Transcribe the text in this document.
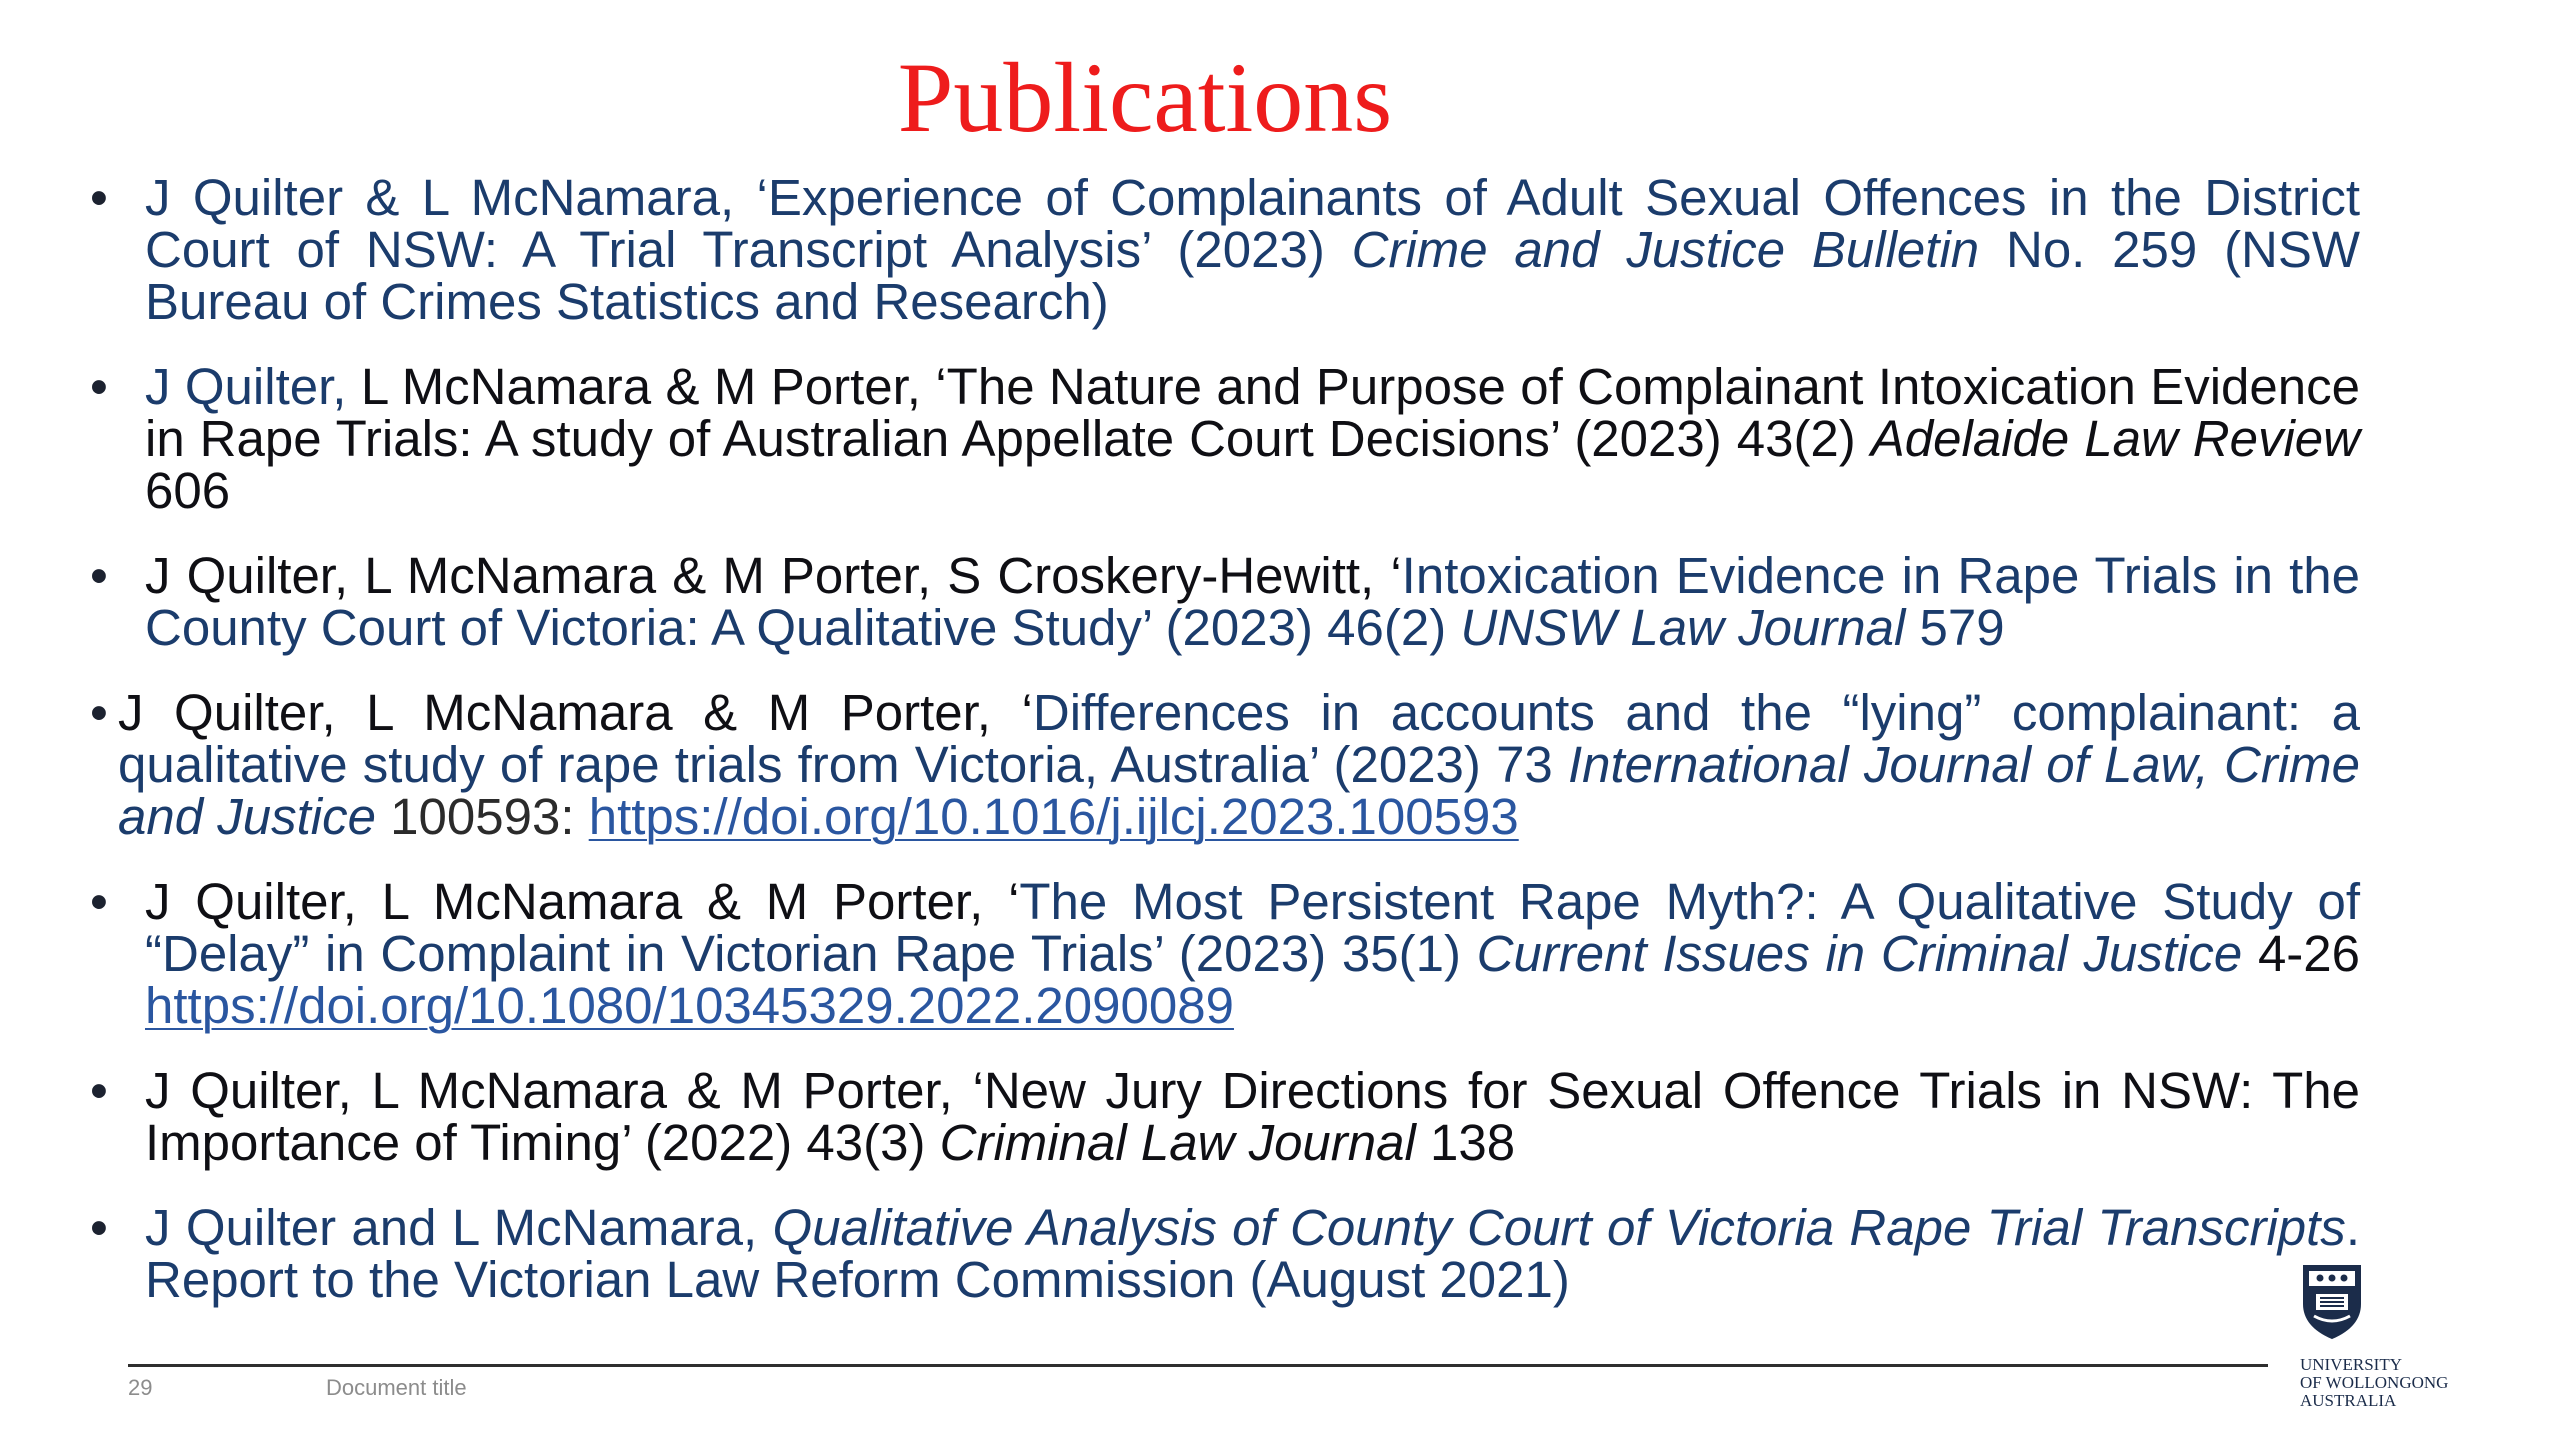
Publications
• J Quilter & L McNamara, ‘Experience of Complainants of Adult Sexual Offences in the District Court of NSW: A Trial Transcript Analysis’ (2023) Crime and Justice Bulletin No. 259 (NSW Bureau of Crimes Statistics and Research)
• J Quilter, L McNamara & M Porter, ‘The Nature and Purpose of Complainant Intoxication Evidence in Rape Trials: A study of Australian Appellate Court Decisions’ (2023) 43(2) Adelaide Law Review 606
• J Quilter, L McNamara & M Porter, S Croskery-Hewitt, ‘Intoxication Evidence in Rape Trials in the County Court of Victoria: A Qualitative Study’ (2023) 46(2) UNSW Law Journal 579
• J Quilter, L McNamara & M Porter, ‘Differences in accounts and the “lying” complainant: a qualitative study of rape trials from Victoria, Australia’ (2023) 73 International Journal of Law, Crime and Justice 100593: https://doi.org/10.1016/j.ijlcj.2023.100593
• J Quilter, L McNamara & M Porter, ‘The Most Persistent Rape Myth?: A Qualitative Study of “Delay” in Complaint in Victorian Rape Trials’ (2023) 35(1) Current Issues in Criminal Justice 4-26 https://doi.org/10.1080/10345329.2022.2090089
• J Quilter, L McNamara & M Porter, ‘New Jury Directions for Sexual Offence Trials in NSW: The Importance of Timing’ (2022) 43(3) Criminal Law Journal 138
• J Quilter and L McNamara, Qualitative Analysis of County Court of Victoria Rape Trial Transcripts. Report to the Victorian Law Reform Commission (August 2021)
29	Document title
UNIVERSITY
OF WOLLONGONG
AUSTRALIA
